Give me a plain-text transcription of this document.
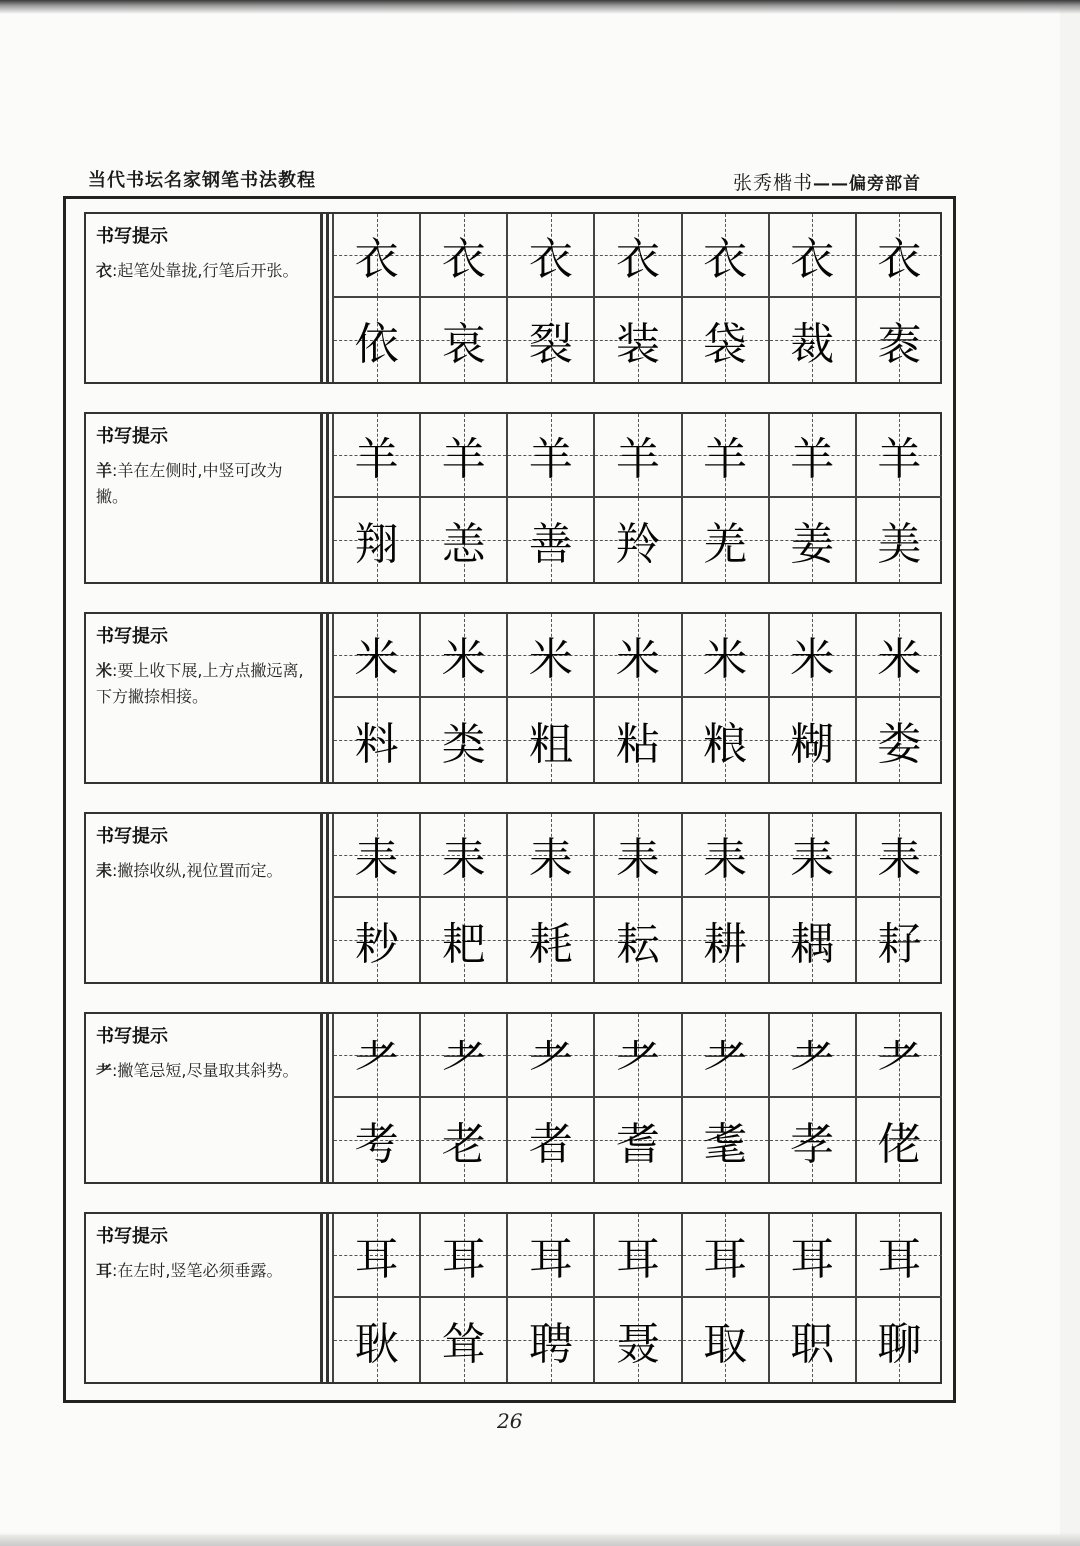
当代书坛名家钢笔书法教程	张秀楷书——偏旁部首
书写提示
衣:起笔处靠拢,行笔后开张。	衣 衣 衣 衣 衣 衣 衣
依 哀 裂 装 袋 裁 袠
书写提示
羊:羊在左侧时,中竖可改为撇。
羊 羊 羊 羊 羊 羊 羊
翔 恙 善 羚 羌 姜 美
书写提示
米:要上收下展,上方点撇远离,下方撇捺相接。
米 米 米 米 米 米 米
料 类 粗 粘 粮 糊 娄
书写提示
耒:撇捺收纵,视位置而定。	耒 耒 耒 耒 耒 耒 耒
耖 耙 耗 耘 耕 耦 耔
书写提示
耂:撇笔忌短,尽量取其斜势。	耂 耂 耂 耂 耂 耂 耂
考 老 者 耆 耄 孝 佬
书写提示
耳:在左时,竖笔必须垂露。	耳 耳 耳 耳 耳 耳 耳
耿 耸 聘 聂 取 职 聊
26
